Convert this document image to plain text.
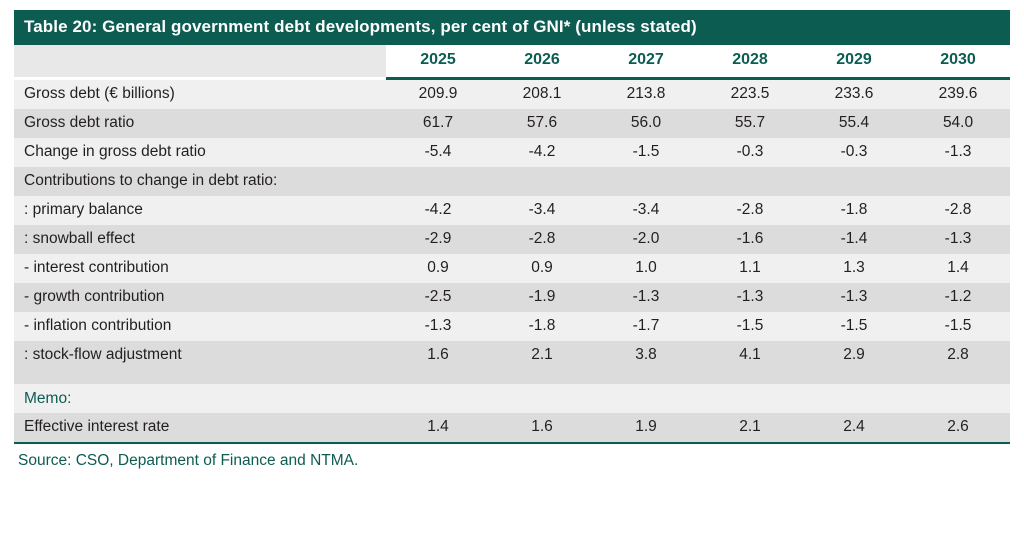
Table 20: General government debt developments, per cent of GNI* (unless stated)						
	2025	2026	2027	2028	2029	2030
Gross debt (€ billions)	209.9	208.1	213.8	223.5	233.6	239.6
Gross debt ratio	61.7	57.6	56.0	55.7	55.4	54.0
Change in gross debt ratio	-5.4	-4.2	-1.5	-0.3	-0.3	-1.3
Contributions to change in debt ratio:						
: primary balance	-4.2	-3.4	-3.4	-2.8	-1.8	-2.8
: snowball effect	-2.9	-2.8	-2.0	-1.6	-1.4	-1.3
- interest contribution	0.9	0.9	1.0	1.1	1.3	1.4
- growth contribution	-2.5	-1.9	-1.3	-1.3	-1.3	-1.2
- inflation contribution	-1.3	-1.8	-1.7	-1.5	-1.5	-1.5
: stock-flow adjustment	1.6	2.1	3.8	4.1	2.9	2.8

Memo:						
Effective interest rate	1.4	1.6	1.9	2.1	2.4	2.6
Source: CSO, Department of Finance and NTMA.
